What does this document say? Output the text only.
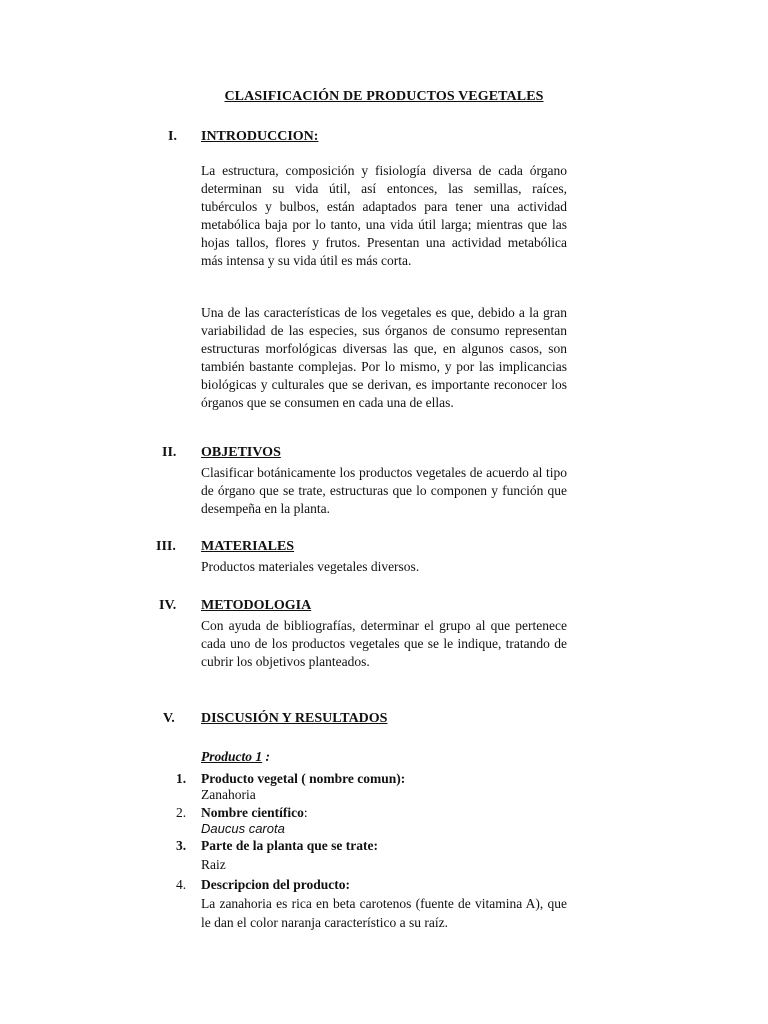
CLASIFICACIÓN DE PRODUCTOS VEGETALES
I. INTRODUCCION:

La estructura, composición y fisiología diversa de cada órgano determinan su vida útil, así entonces, las semillas, raíces, tubérculos y bulbos, están adaptados para tener una actividad metabólica baja por lo tanto, una vida útil larga; mientras que las hojas tallos, flores y frutos. Presentan una actividad metabólica más intensa y su vida útil es más corta.

Una de las características de los vegetales es que, debido a la gran variabilidad de las especies, sus órganos de consumo representan estructuras morfológicas diversas las que, en algunos casos, son también bastante complejas. Por lo mismo, y por las implicancias biológicas y culturales que se derivan, es importante reconocer los órganos que se consumen en cada una de ellas.

II. OBJETIVOS

Clasificar botánicamente los productos vegetales de acuerdo al tipo de órgano que se trate, estructuras que lo componen y función que desempeña en la planta.

III. MATERIALES
Productos materiales vegetales diversos.
IV. METODOLOGIA

Con ayuda de bibliografías, determinar el grupo al que pertenece cada uno de los productos vegetales que se le indique, tratando de cubrir los objetivos planteados.

V. DISCUSIÓN Y RESULTADOS
Producto 1 :
1. Producto vegetal ( nombre comun):
Zanahoria
2. Nombre científico:
Daucus carota
3. Parte de la planta que se trate:
Raiz
4. Descripcion del producto:

La zanahoria es rica en beta carotenos (fuente de vitamina A), que le dan el color naranja característico a su raíz.
